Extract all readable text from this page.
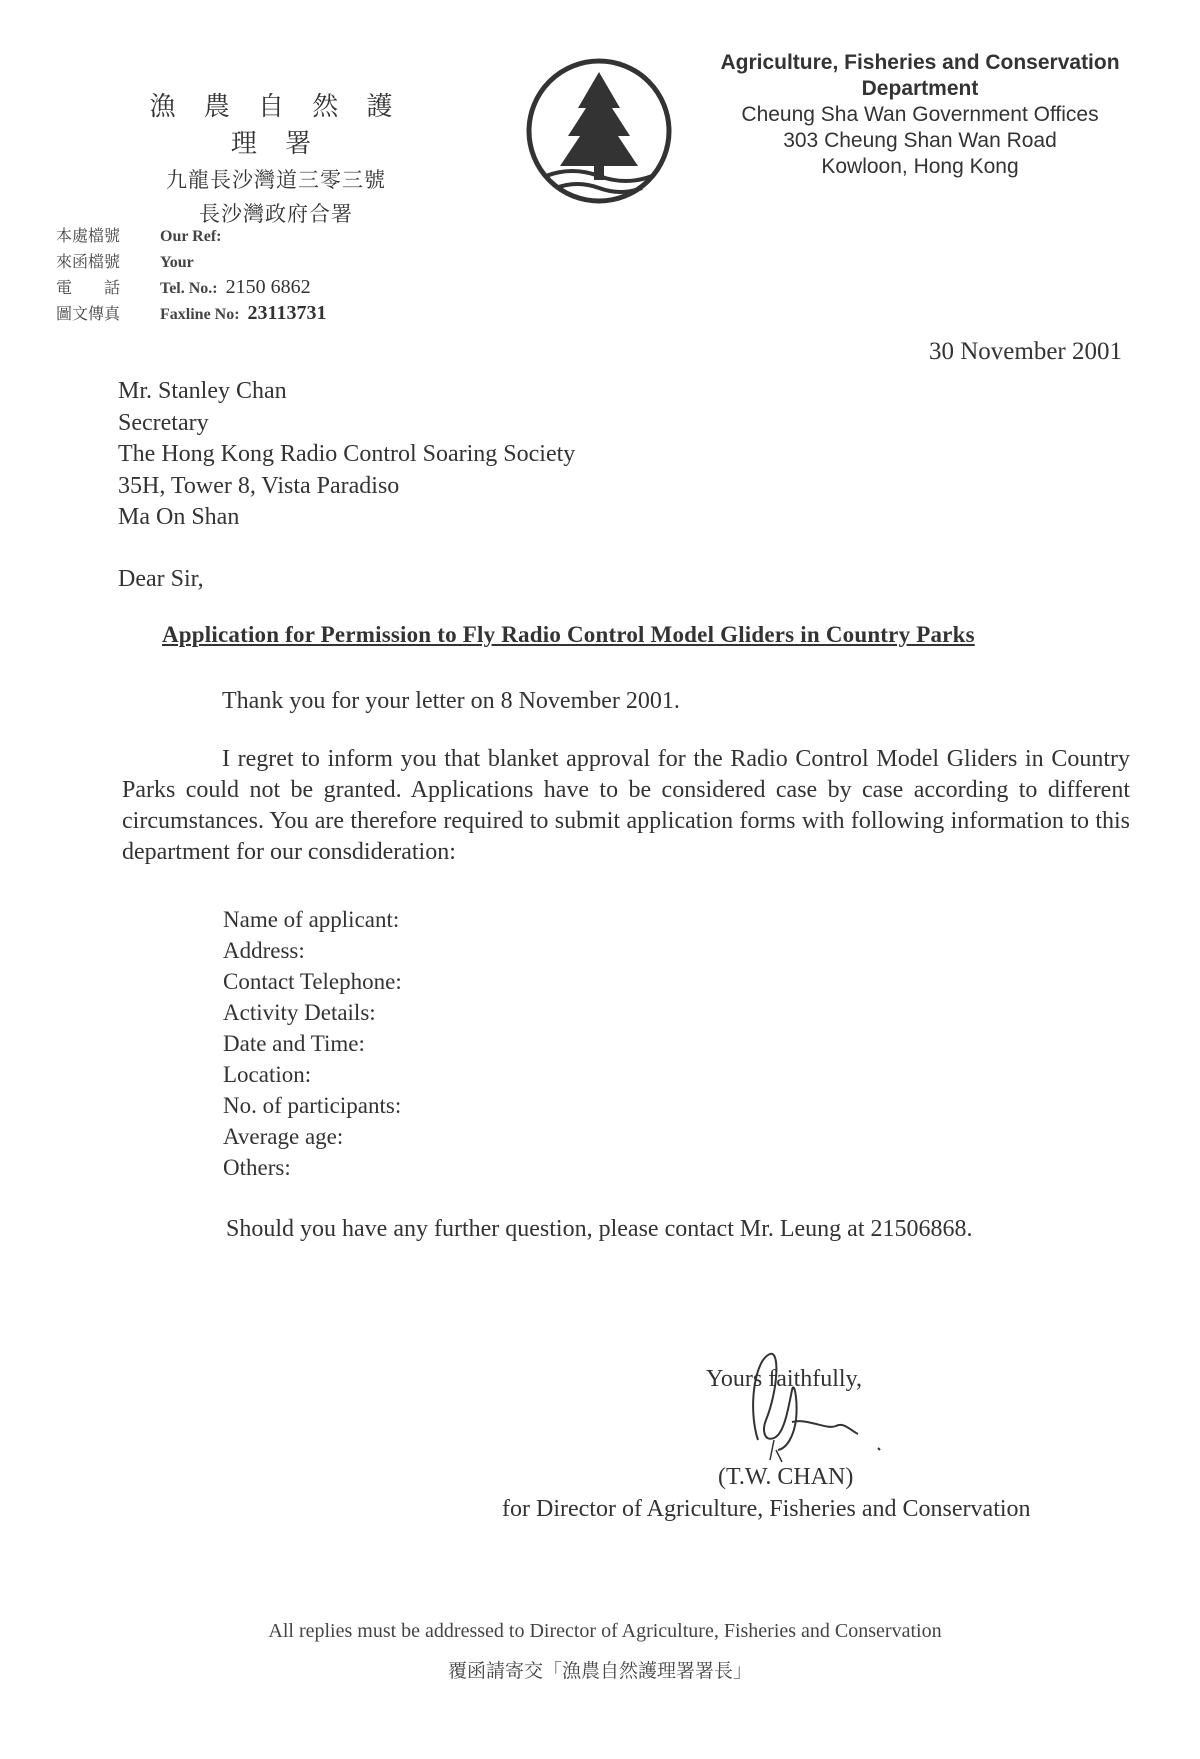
漁 農 自 然 護 理 署
九龍長沙灣道三零三號
長沙灣政府合署
Agriculture, Fisheries and Conservation
Department
Cheung Sha Wan Government Offices
303 Cheung Shan Wan Road
Kowloon, Hong Kong
本處檔號	Our Ref:
來函檔號	Your
電　　話	Tel. No.: 2150 6862
圖文傳真	Faxline No: 23113731
30 November 2001
Mr. Stanley Chan
Secretary
The Hong Kong Radio Control Soaring Society
35H, Tower 8, Vista Paradiso
Ma On Shan
Dear Sir,
Application for Permission to Fly Radio Control Model Gliders in Country Parks
Thank you for your letter on 8 November 2001.
I regret to inform you that blanket approval for the Radio Control Model Gliders in Country Parks could not be granted. Applications have to be considered case by case according to different circumstances. You are therefore required to submit application forms with following information to this department for our consdideration:
Name of applicant:
Address:
Contact Telephone:
Activity Details:
Date and Time:
Location:
No. of participants:
Average age:
Others:
Should you have any further question, please contact Mr. Leung at 21506868.
Yours faithfully,
(T.W. CHAN)
for Director of Agriculture, Fisheries and Conservation
All replies must be addressed to Director of Agriculture, Fisheries and Conservation
覆函請寄交「漁農自然護理署署長」
